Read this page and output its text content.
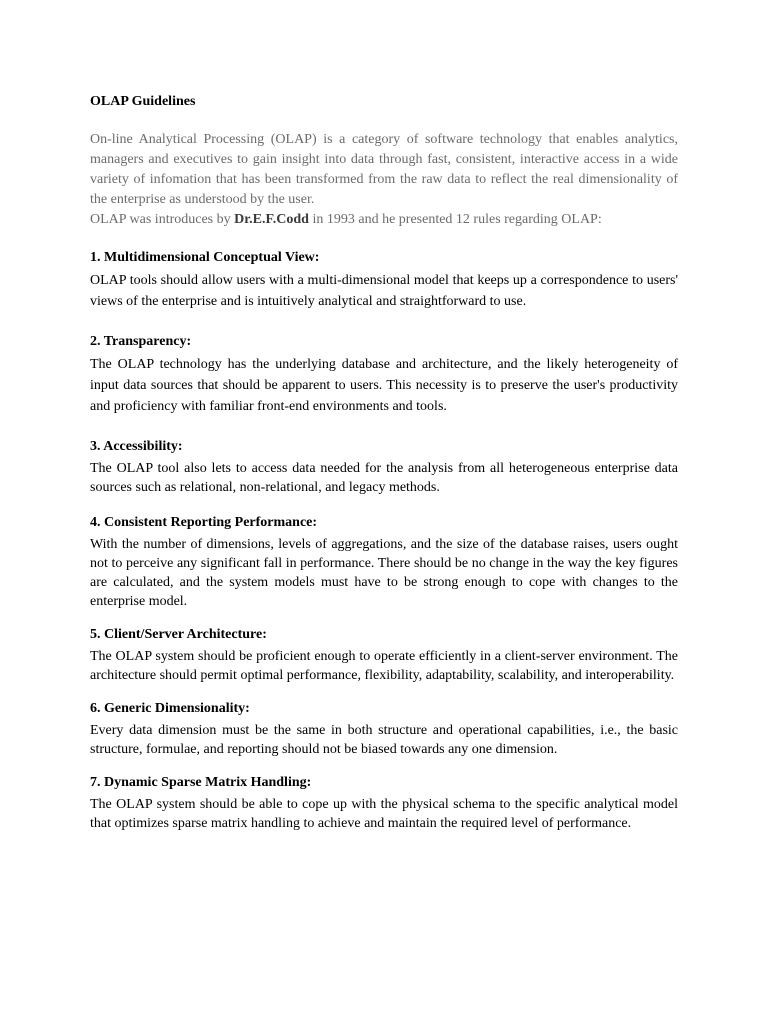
OLAP Guidelines

On-line Analytical Processing (OLAP) is a category of software technology that enables analytics, managers and executives to gain insight into data through fast, consistent, interactive access in a wide variety of infomation that has been transformed from the raw data to reflect the real dimensionality of the enterprise as understood by the user.

OLAP was introduces by Dr.E.F.Codd in 1993 and he presented 12 rules regarding OLAP:

1. Multidimensional Conceptual View:

OLAP tools should allow users with a multi-dimensional model that keeps up a correspondence to users' views of the enterprise and is intuitively analytical and straightforward to use.

2. Transparency:

The OLAP technology has the underlying database and architecture, and the likely heterogeneity of input data sources that should be apparent to users. This necessity is to preserve the user's productivity and proficiency with familiar front-end environments and tools.

3. Accessibility:

The OLAP tool also lets to access data needed for the analysis from all heterogeneous enterprise data sources such as relational, non-relational, and legacy methods.

4. Consistent Reporting Performance:

With the number of dimensions, levels of aggregations, and the size of the database raises, users ought not to perceive any significant fall in performance. There should be no change in the way the key figures are calculated, and the system models must have to be strong enough to cope with changes to the enterprise model.

5. Client/Server Architecture:

The OLAP system should be proficient enough to operate efficiently in a client-server environment. The architecture should permit optimal performance, flexibility, adaptability, scalability, and interoperability.

6. Generic Dimensionality:

Every data dimension must be the same in both structure and operational capabilities, i.e., the basic structure, formulae, and reporting should not be biased towards any one dimension.

7. Dynamic Sparse Matrix Handling:

The OLAP system should be able to cope up with the physical schema to the specific analytical model that optimizes sparse matrix handling to achieve and maintain the required level of performance.
